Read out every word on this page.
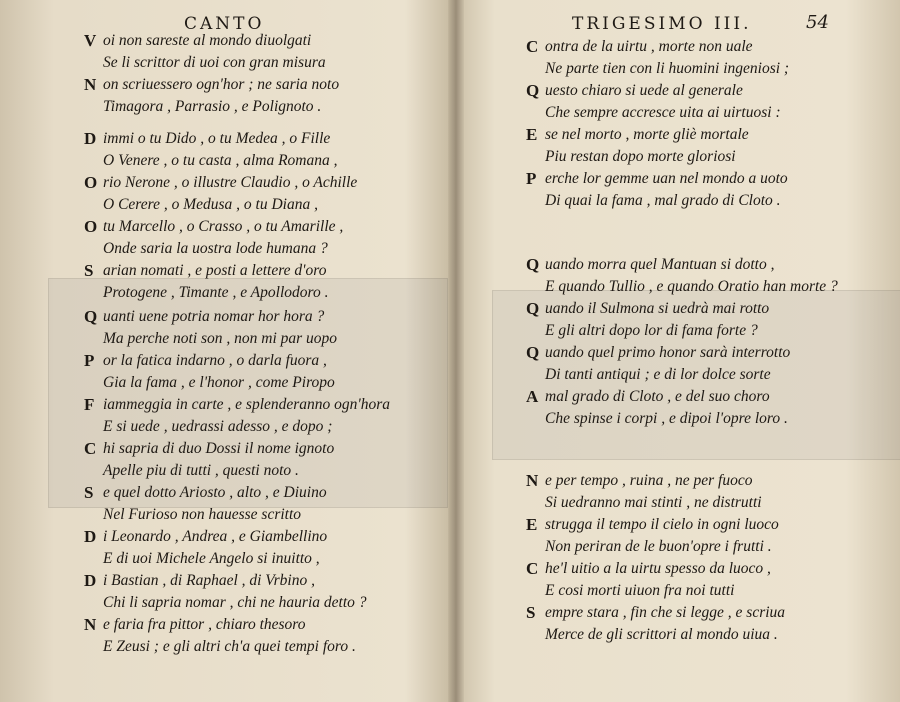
CANTO
V oi non sareste al mondo diuolgati
Se li scrittor di uoi con gran misura
N on scriuessero ogn'hor ; ne saria noto
Timagora , Parrasio , e Polignoto .
D immi o tu Dido , o tu Medea , o Fille
O Venere , o tu casta , alma Romana ,
O rio Nerone , o illustre Claudio , o Achille
O Cerere , o Medusa , o tu Diana ,
O tu Marcello , o Crasso , o tu Amarille ,
Onde saria la uostra lode humana ?
S arian nomati , e posti a lettere d'oro
Protogene , Timante , e Apollodoro .
Q uanti uene potria nomar hor hora ?
Ma perche noti son , non mi par uopo
P or la fatica indarno , o darla fuora ,
Gia la fama , e l'honor , come Piropo
F iammeggia in carte , e splenderanno ogn'hora
E si uede , uedrassi adesso , e dopo ;
C hi sapria di duo Dossi il nome ignoto
Apelle piu di tutti , questi noto .
S e quel dotto Ariosto , alto , e Diuino
Nel Furioso non hauesse scritto
D i Leonardo , Andrea , e Giambellino
E di uoi Michele Angelo si inuitto ,
D i Bastian , di Raphael , di Vrbino ,
Chi li sapria nomar , chi ne hauria detto ?
N e faria fra pittor , chiaro thesoro
E Zeusi ; e gli altri ch'a quei tempi foro .
TRIGESIMO III.	54
C ontra de la uirtu , morte non uale
Ne parte tien con li huomini ingeniosi ;
Q uesto chiaro si uede al generale
Che sempre accresce uita ai uirtuosi :
E se nel morto , morte gliè mortale
Piu restan dopo morte gloriosi
P erche lor gemme uan nel mondo a uoto
Di quai la fama , mal grado di Cloto .
Q uando morra quel Mantuan si dotto ,
E quando Tullio , e quando Oratio han morte ?
Q uando il Sulmona si uedrà mai rotto
E gli altri dopo lor di fama forte ?
Q uando quel primo honor sarà interrotto
Di tanti antiqui ; e di lor dolce sorte
A mal grado di Cloto , e del suo choro
Che spinse i corpi , e dipoi l'opre loro .
N e per tempo , ruina , ne per fuoco
Si uedranno mai stinti , ne distrutti
E strugga il tempo il cielo in ogni luoco
Non periran de le buon'opre i frutti .
C he'l uitio a la uirtu spesso da luoco ,
E cosi morti uiuon fra noi tutti
S empre stara , fin che si legge , e scriua
Merce de gli scrittori al mondo uiua .
